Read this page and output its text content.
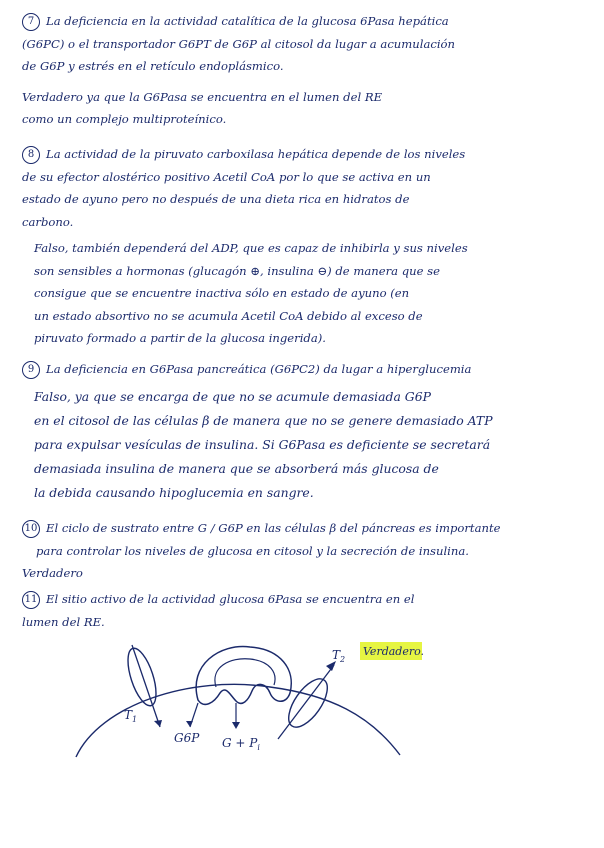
7 La deficiencia en la actividad catalítica de la glucosa 6Pasa hepática
(G6PC) o el transportador G6PT de G6P al citosol da lugar a acumulación
de G6P y estrés en el retículo endoplásmico.
Verdadero ya que la G6Pasa se encuentra en el lumen del RE
como un complejo multiproteínico.
8 La actividad de la piruvato carboxilasa hepática depende de los niveles
de su efector alostérico positivo Acetil CoA por lo que se activa en un
estado de ayuno pero no después de una dieta rica en hidratos de
carbono.
Falso, también dependerá del ADP, que es capaz de inhibirla y sus niveles
son sensibles a hormonas (glucagón ⊕, insulina ⊖) de manera que se
consigue que se encuentre inactiva sólo en estado de ayuno (en
un estado absortivo no se acumula Acetil CoA debido al exceso de
piruvato formado a partir de la glucosa ingerida).
9 La deficiencia en G6Pasa pancreática (G6PC2) da lugar a hiperglucemia
Falso, ya que se encarga de que no se acumule demasiada G6P
en el citosol de las células β de manera que no se genere demasiado ATP
para expulsar vesículas de insulina. Si G6Pasa es deficiente se secretará
demasiada insulina de manera que se absorberá más glucosa de
la debida causando hipoglucemia en sangre.
10 El ciclo de sustrato entre G / G6P en las células β del páncreas es importante
para controlar los niveles de glucosa en citosol y la secreción de insulina.
Verdadero
11 El sitio activo de la actividad glucosa 6Pasa se encuentra en el
lumen del RE.
$T_1$
G6P $G + P_i$
$T_2$
Verdadero.
